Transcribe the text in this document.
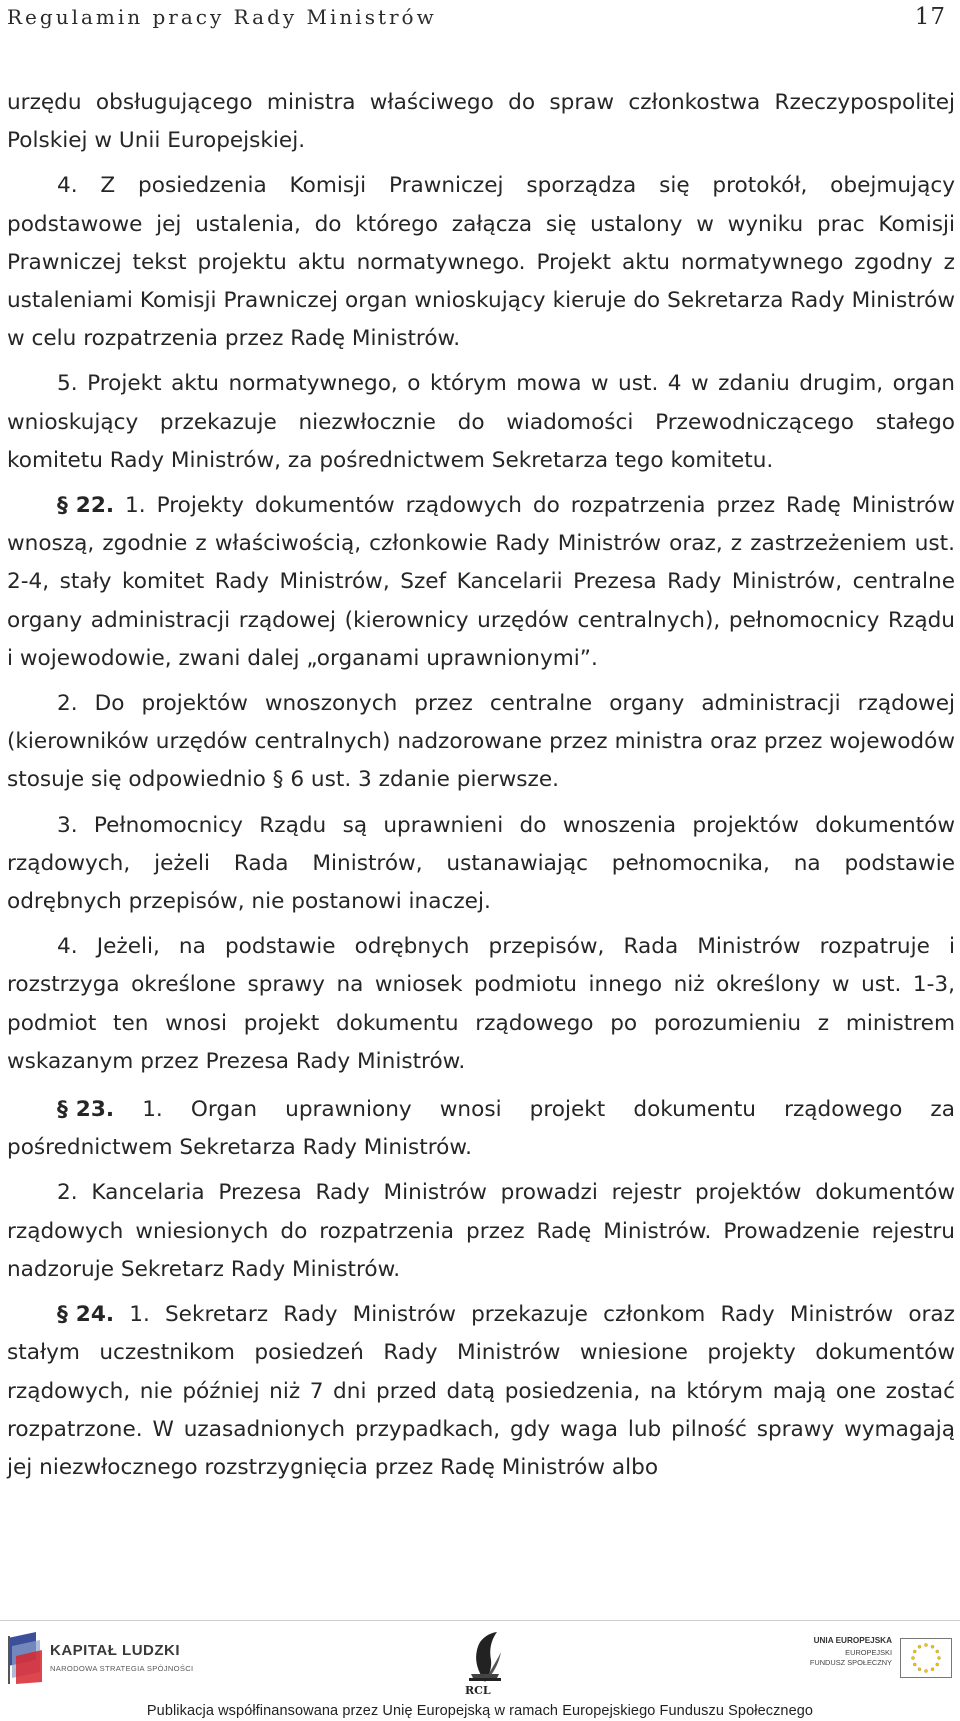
Regulamin pracy Rady Ministrów	17

urzędu obsługującego ministra właściwego do spraw członkostwa Rzeczypospolitej Polskiej w Unii Europejskiej.

4. Z posiedzenia Komisji Prawniczej sporządza się protokół, obejmujący podstawowe jej ustalenia, do którego załącza się ustalony w wyniku prac Komisji Prawniczej tekst projektu aktu normatywnego. Projekt aktu normatywnego zgodny z ustaleniami Komisji Prawniczej organ wnioskujący kieruje do Sekretarza Rady Ministrów w celu rozpatrzenia przez Radę Ministrów.

5. Projekt aktu normatywnego, o którym mowa w ust. 4 w zdaniu drugim, organ wnioskujący przekazuje niezwłocznie do wiadomości Przewodniczącego stałego komitetu Rady Ministrów, za pośrednictwem Sekretarza tego komitetu.

§ 22. 1. Projekty dokumentów rządowych do rozpatrzenia przez Radę Ministrów wnoszą, zgodnie z właściwością, członkowie Rady Ministrów oraz, z zastrzeżeniem ust. 2-4, stały komitet Rady Ministrów, Szef Kancelarii Prezesa Rady Ministrów, centralne organy administracji rządowej (kierownicy urzędów centralnych), pełnomocnicy Rządu i wojewodowie, zwani dalej „organami uprawnionymi”.

2. Do projektów wnoszonych przez centralne organy administracji rządowej (kierowników urzędów centralnych) nadzorowane przez ministra oraz przez wojewodów stosuje się odpowiednio § 6 ust. 3 zdanie pierwsze.

3. Pełnomocnicy Rządu są uprawnieni do wnoszenia projektów dokumentów rządowych, jeżeli Rada Ministrów, ustanawiając pełnomocnika, na podstawie odrębnych przepisów, nie postanowi inaczej.

4. Jeżeli, na podstawie odrębnych przepisów, Rada Ministrów rozpatruje i rozstrzyga określone sprawy na wniosek podmiotu innego niż określony w ust. 1-3, podmiot ten wnosi projekt dokumentu rządowego po porozumieniu z ministrem wskazanym przez Prezesa Rady Ministrów.

§ 23. 1. Organ uprawniony wnosi projekt dokumentu rządowego za pośrednictwem Sekretarza Rady Ministrów.

2. Kancelaria Prezesa Rady Ministrów prowadzi rejestr projektów dokumentów rządowych wniesionych do rozpatrzenia przez Radę Ministrów. Prowadzenie rejestru nadzoruje Sekretarz Rady Ministrów.

§ 24. 1. Sekretarz Rady Ministrów przekazuje członkom Rady Ministrów oraz stałym uczestnikom posiedzeń Rady Ministrów wniesione projekty dokumentów rządowych, nie później niż 7 dni przed datą posiedzenia, na którym mają one zostać rozpatrzone. W uzasadnionych przypadkach, gdy waga lub pilność sprawy wymagają jej niezwłocznego rozstrzygnięcia przez Radę Ministrów albo

KAPITAŁ LUDZKI
NARODOWA STRATEGIA SPÓJNOŚCI
RCL
UNIA EUROPEJSKA
EUROPEJSKI
FUNDUSZ SPOŁECZNY
Publikacja współfinansowana przez Unię Europejską w ramach Europejskiego Funduszu Społecznego
